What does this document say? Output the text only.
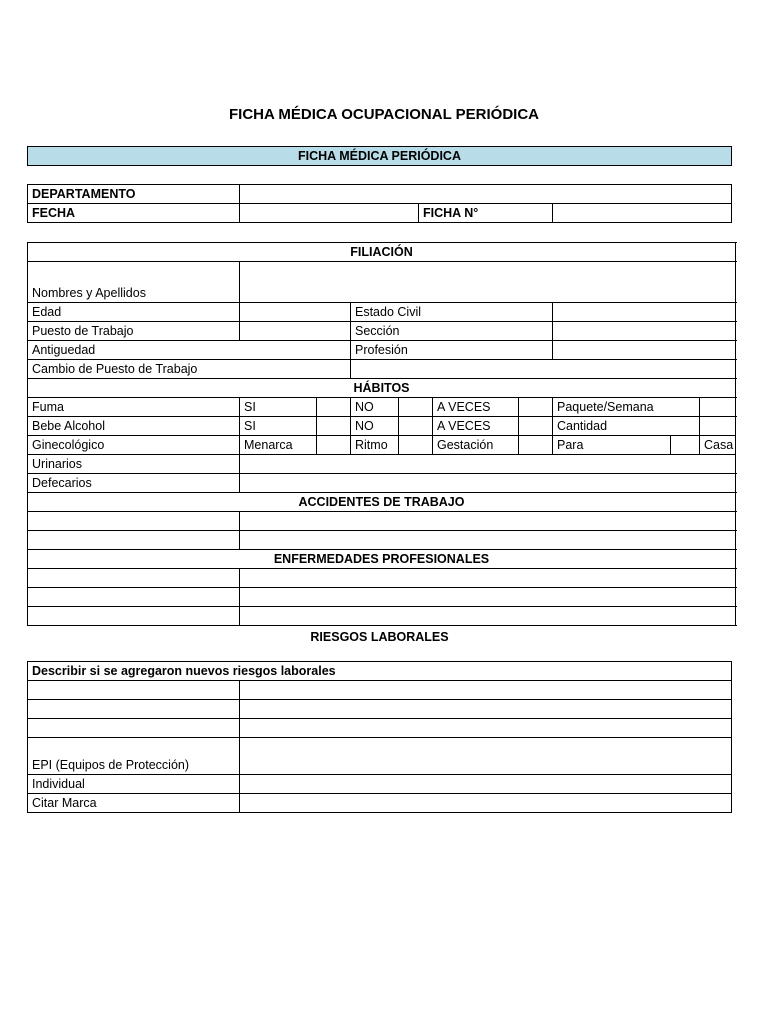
FICHA MÉDICA OCUPACIONAL PERIÓDICA
FICHA MÉDICA PERIÓDICA
DEPARTAMENTO			
FECHA		FICHA N°	
FILIACIÓN										
Nombres y Apellidos										
Edad			Estado Civil							
Puesto de Trabajo			Sección							
Antiguedad			Profesión							
Cambio de Puesto de Trabajo										
HÁBITOS										
Fuma	SI		NO		A VECES		Paquete/Semana			
Bebe Alcohol	SI		NO		A VECES		Cantidad			
Ginecológico	Menarca		Ritmo		Gestación		Para		Casa	
Urinarios										
Defecarios										
ACCIDENTES DE TRABAJO										

ENFERMEDADES PROFESIONALES										

RIESGOS LABORALES
Describir si se agregaron nuevos riesgos laborales	

EPI (Equipos de Protección)	
Individual	
Citar Marca	
